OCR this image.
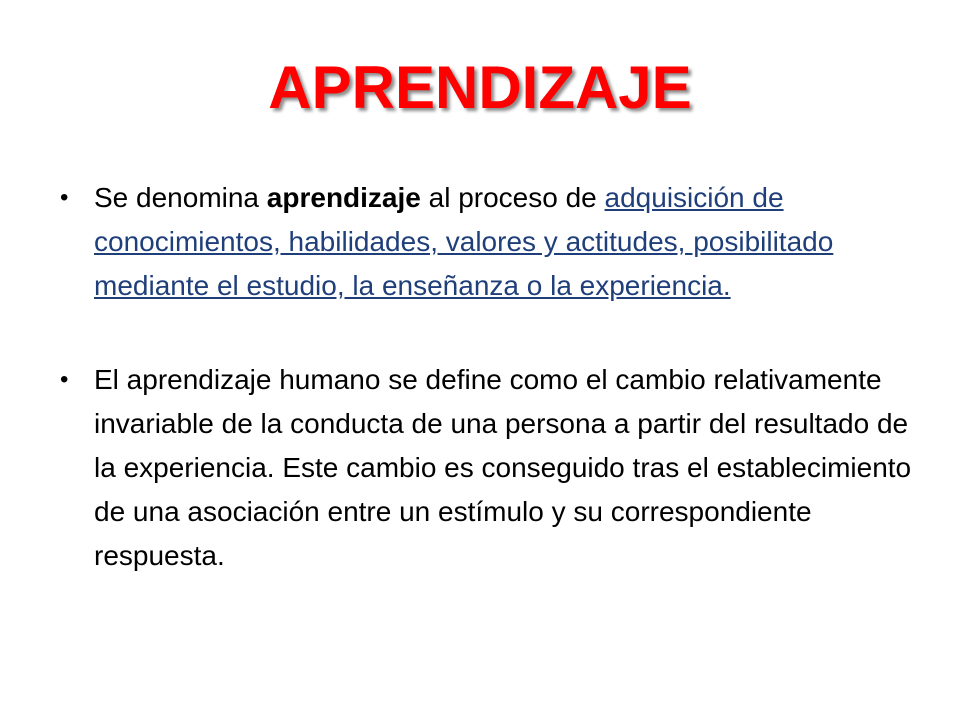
APRENDIZAJE
• Se denomina aprendizaje al proceso de adquisición de conocimientos, habilidades, valores y actitudes, posibilitado mediante el estudio, la enseñanza o la experiencia.
• El aprendizaje humano se define como el cambio relativamente invariable de la conducta de una persona a partir del resultado de la experiencia. Este cambio es conseguido tras el establecimiento de una asociación entre un estímulo y su correspondiente respuesta.
